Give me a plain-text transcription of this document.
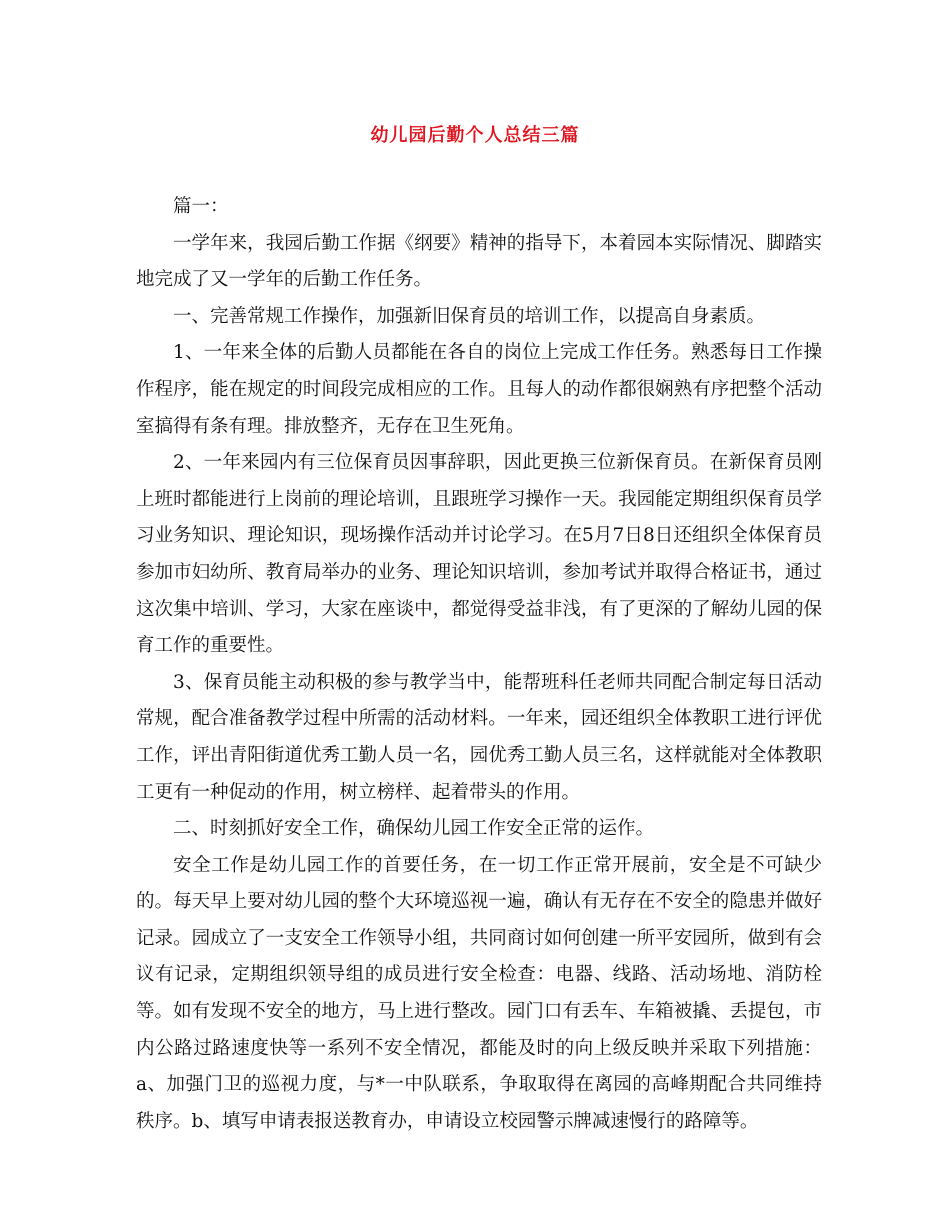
幼儿园后勤个人总结三篇

篇一：

一学年来，我园后勤工作据《纲要》精神的指导下，本着园本实际情况、脚踏实地完成了又一学年的后勤工作任务。

一、完善常规工作操作，加强新旧保育员的培训工作，以提高自身素质。

1、一年来全体的后勤人员都能在各自的岗位上完成工作任务。熟悉每日工作操作程序，能在规定的时间段完成相应的工作。且每人的动作都很娴熟有序把整个活动室搞得有条有理。排放整齐，无存在卫生死角。

2、一年来园内有三位保育员因事辞职，因此更换三位新保育员。在新保育员刚上班时都能进行上岗前的理论培训，且跟班学习操作一天。我园能定期组织保育员学习业务知识、理论知识，现场操作活动并讨论学习。在5月7日8日还组织全体保育员参加市妇幼所、教育局举办的业务、理论知识培训，参加考试并取得合格证书，通过这次集中培训、学习，大家在座谈中，都觉得受益非浅，有了更深的了解幼儿园的保育工作的重要性。

3、保育员能主动积极的参与教学当中，能帮班科任老师共同配合制定每日活动常规，配合准备教学过程中所需的活动材料。一年来，园还组织全体教职工进行评优工作，评出青阳街道优秀工勤人员一名，园优秀工勤人员三名，这样就能对全体教职工更有一种促动的作用，树立榜样、起着带头的作用。

二、时刻抓好安全工作，确保幼儿园工作安全正常的运作。

安全工作是幼儿园工作的首要任务，在一切工作正常开展前，安全是不可缺少的。每天早上要对幼儿园的整个大环境巡视一遍，确认有无存在不安全的隐患并做好记录。园成立了一支安全工作领导小组，共同商讨如何创建一所平安园所，做到有会议有记录，定期组织领导组的成员进行安全检查：电器、线路、活动场地、消防栓等。如有发现不安全的地方，马上进行整改。园门口有丢车、车箱被撬、丢提包，市内公路过路速度快等一系列不安全情况，都能及时的向上级反映并采取下列措施：a、加强门卫的巡视力度，与*一中队联系，争取取得在离园的高峰期配合共同维持秩序。b、填写申请表报送教育办，申请设立校园警示牌减速慢行的路障等。
